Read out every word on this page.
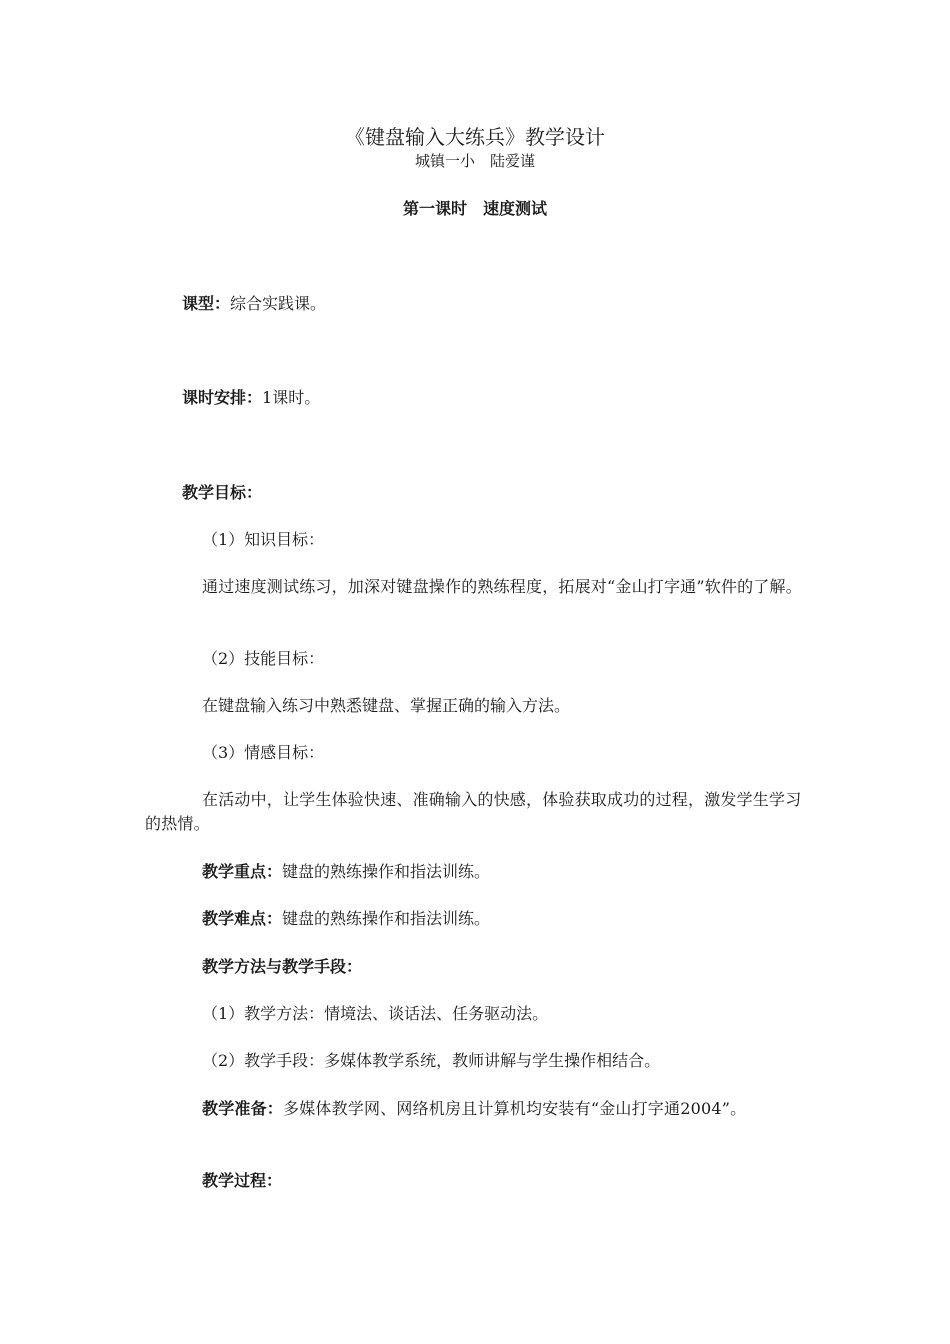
《键盘输入大练兵》教学设计
城镇一小　陆爱谨
第一课时　速度测试
课型：综合实践课。
课时安排：1课时。
教学目标：
（1）知识目标：
通过速度测试练习，加深对键盘操作的熟练程度，拓展对“金山打字通”软件的了解。
（2）技能目标：
在键盘输入练习中熟悉键盘、掌握正确的输入方法。
（3）情感目标：
在活动中，让学生体验快速、准确输入的快感，体验获取成功的过程，激发学生学习的热情。
教学重点：键盘的熟练操作和指法训练。
教学难点：键盘的熟练操作和指法训练。
教学方法与教学手段：
（1）教学方法：情境法、谈话法、任务驱动法。
（2）教学手段：多媒体教学系统，教师讲解与学生操作相结合。
教学准备：多媒体教学网、网络机房且计算机均安装有“金山打字通2004”。
教学过程：
